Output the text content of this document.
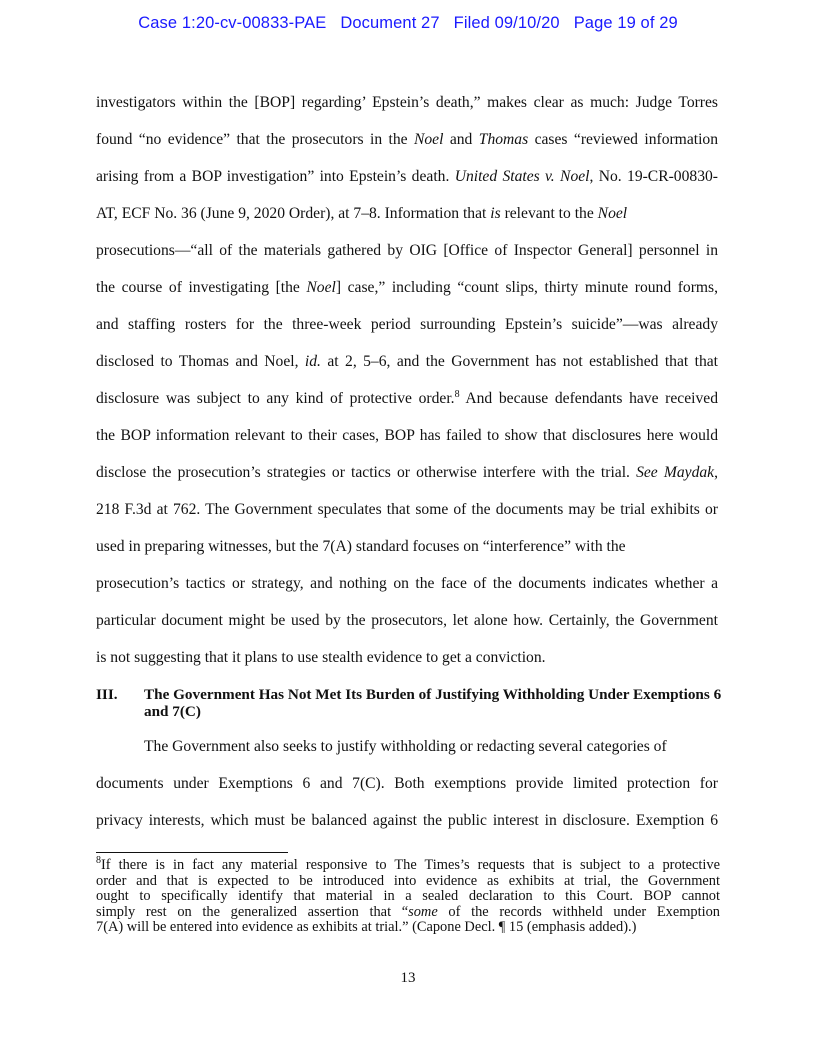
Case 1:20-cv-00833-PAE   Document 27   Filed 09/10/20   Page 19 of 29
investigators within the [BOP] regarding’ Epstein’s death,” makes clear as much: Judge Torres
found “no evidence” that the prosecutors in the Noel and Thomas cases “reviewed information
arising from a BOP investigation” into Epstein’s death. United States v. Noel, No. 19-CR-00830-
AT, ECF No. 36 (June 9, 2020 Order), at 7–8. Information that is relevant to the Noel
prosecutions—“all of the materials gathered by OIG [Office of Inspector General] personnel in
the course of investigating [the Noel] case,” including “count slips, thirty minute round forms,
and staffing rosters for the three-week period surrounding Epstein’s suicide”—was already
disclosed to Thomas and Noel, id. at 2, 5–6, and the Government has not established that that
disclosure was subject to any kind of protective order.$^8$ And because defendants have received
the BOP information relevant to their cases, BOP has failed to show that disclosures here would
disclose the prosecution’s strategies or tactics or otherwise interfere with the trial. See Maydak,
218 F.3d at 762. The Government speculates that some of the documents may be trial exhibits or
used in preparing witnesses, but the 7(A) standard focuses on “interference” with the
prosecution’s tactics or strategy, and nothing on the face of the documents indicates whether a
particular document might be used by the prosecutors, let alone how. Certainly, the Government
is not suggesting that it plans to use stealth evidence to get a conviction.
III. The Government Has Not Met Its Burden of Justifying Withholding Under Exemptions 6 and 7(C)
The Government also seeks to justify withholding or redacting several categories of
documents under Exemptions 6 and 7(C). Both exemptions provide limited protection for
privacy interests, which must be balanced against the public interest in disclosure. Exemption 6
$^8$If there is in fact any material responsive to The Times’s requests that is subject to a protective
order and that is expected to be introduced into evidence as exhibits at trial, the Government
ought to specifically identify that material in a sealed declaration to this Court. BOP cannot
simply rest on the generalized assertion that “some of the records withheld under Exemption
7(A) will be entered into evidence as exhibits at trial.” (Capone Decl. ¶ 15 (emphasis added).)
13
